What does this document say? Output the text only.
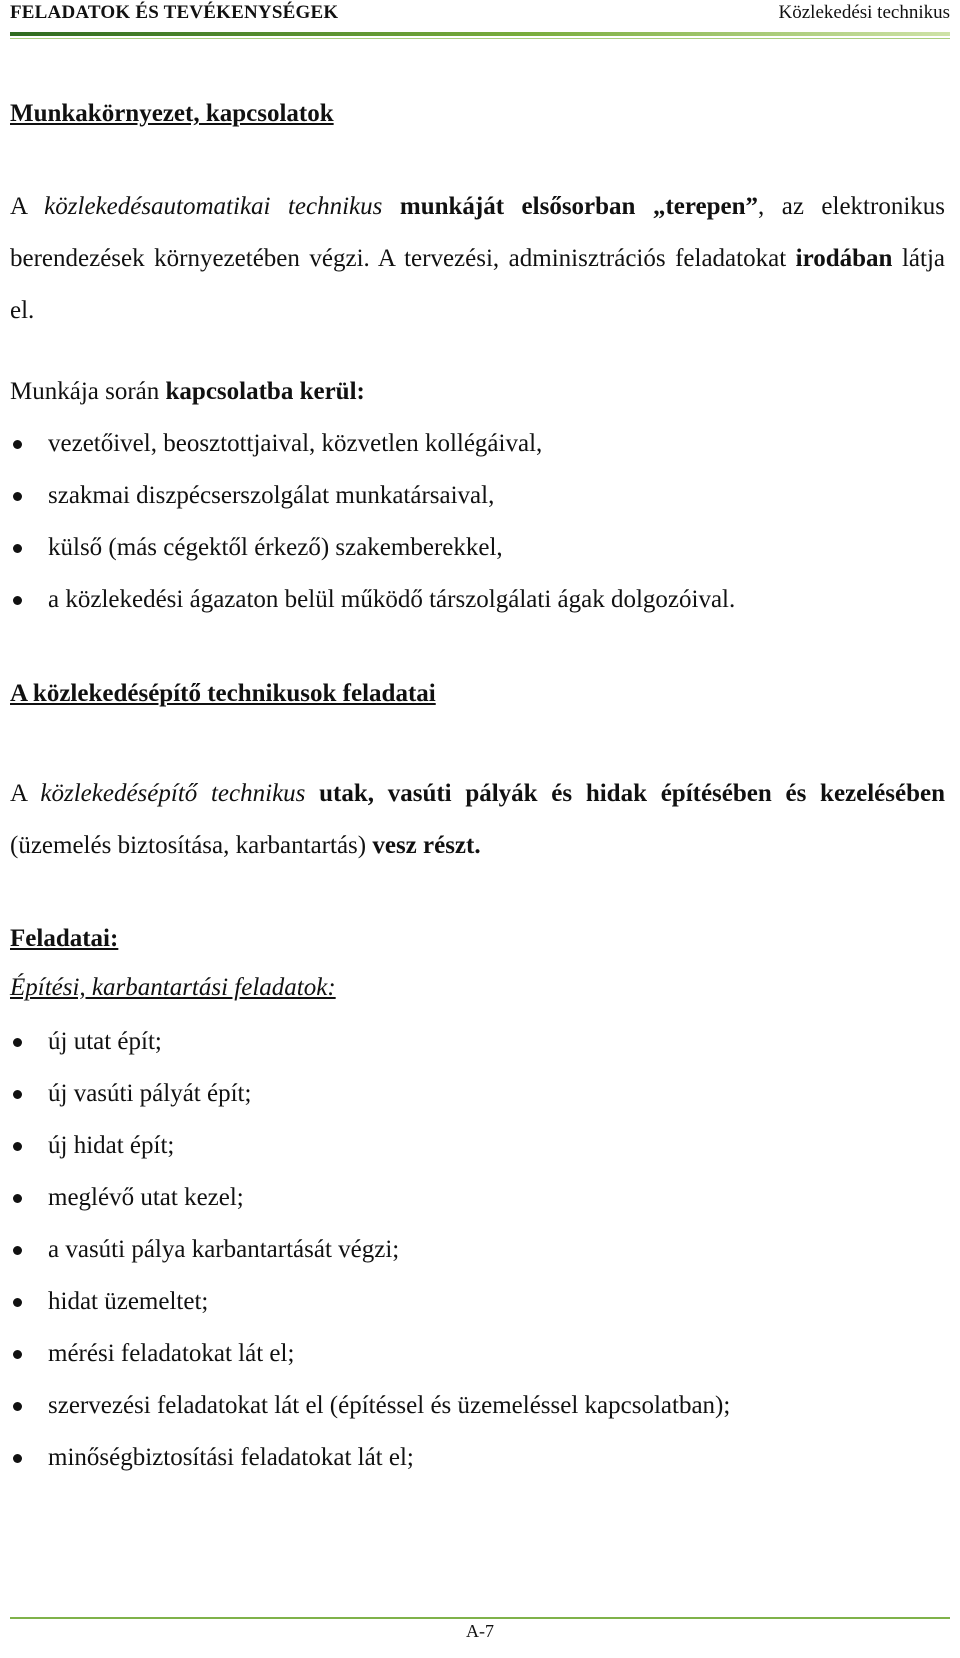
FELADATOK ÉS TEVÉKENYSÉGEK	Közlekedési technikus
Munkakörnyezet, kapcsolatok
A közlekedésautomatikai technikus munkáját elsősorban „terepen”, az elektronikus berendezések környezetében végzi. A tervezési, adminisztrációs feladatokat irodában látja el.
Munkája során kapcsolatba kerül:
vezetőivel, beosztottjaival, közvetlen kollégáival,
szakmai diszpécserszolgálat munkatársaival,
külső (más cégektől érkező) szakemberekkel,
a közlekedési ágazaton belül működő társzolgálati ágak dolgozóival.
A közlekedésépítő technikusok feladatai
A közlekedésépítő technikus utak, vasúti pályák és hidak építésében és kezelésében (üzemelés biztosítása, karbantartás) vesz részt.
Feladatai:
Építési, karbantartási feladatok:
új utat épít;
új vasúti pályát épít;
új hidat épít;
meglévő utat kezel;
a vasúti pálya karbantartását végzi;
hidat üzemeltet;
mérési feladatokat lát el;
szervezési feladatokat lát el (építéssel és üzemeléssel kapcsolatban);
minőségbiztosítási feladatokat lát el;
A-7
